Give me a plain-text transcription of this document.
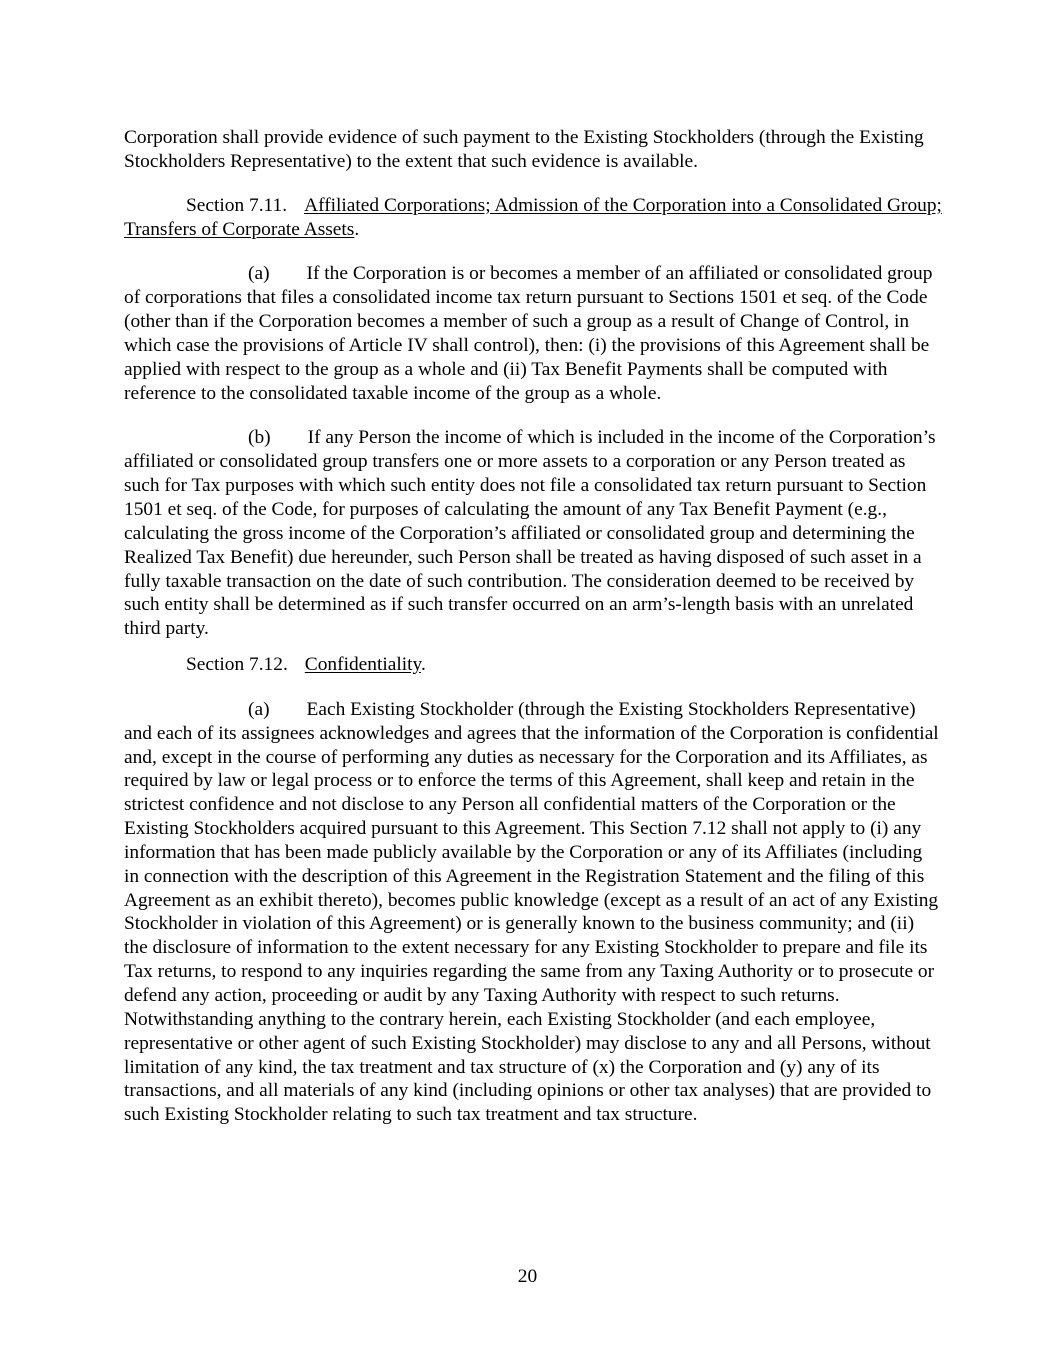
Corporation shall provide evidence of such payment to the Existing Stockholders (through the Existing Stockholders Representative) to the extent that such evidence is available.

Section 7.11. Affiliated Corporations; Admission of the Corporation into a Consolidated Group; Transfers of Corporate Assets.

(a) If the Corporation is or becomes a member of an affiliated or consolidated group of corporations that files a consolidated income tax return pursuant to Sections 1501 et seq. of the Code (other than if the Corporation becomes a member of such a group as a result of Change of Control, in which case the provisions of Article IV shall control), then: (i) the provisions of this Agreement shall be applied with respect to the group as a whole and (ii) Tax Benefit Payments shall be computed with reference to the consolidated taxable income of the group as a whole.

(b) If any Person the income of which is included in the income of the Corporation’s affiliated or consolidated group transfers one or more assets to a corporation or any Person treated as such for Tax purposes with which such entity does not file a consolidated tax return pursuant to Section 1501 et seq. of the Code, for purposes of calculating the amount of any Tax Benefit Payment (e.g., calculating the gross income of the Corporation’s affiliated or consolidated group and determining the Realized Tax Benefit) due hereunder, such Person shall be treated as having disposed of such asset in a fully taxable transaction on the date of such contribution. The consideration deemed to be received by such entity shall be determined as if such transfer occurred on an arm’s-length basis with an unrelated third party.

Section 7.12. Confidentiality.

(a) Each Existing Stockholder (through the Existing Stockholders Representative) and each of its assignees acknowledges and agrees that the information of the Corporation is confidential and, except in the course of performing any duties as necessary for the Corporation and its Affiliates, as required by law or legal process or to enforce the terms of this Agreement, shall keep and retain in the strictest confidence and not disclose to any Person all confidential matters of the Corporation or the Existing Stockholders acquired pursuant to this Agreement. This Section 7.12 shall not apply to (i) any information that has been made publicly available by the Corporation or any of its Affiliates (including in connection with the description of this Agreement in the Registration Statement and the filing of this Agreement as an exhibit thereto), becomes public knowledge (except as a result of an act of any Existing Stockholder in violation of this Agreement) or is generally known to the business community; and (ii) the disclosure of information to the extent necessary for any Existing Stockholder to prepare and file its Tax returns, to respond to any inquiries regarding the same from any Taxing Authority or to prosecute or defend any action, proceeding or audit by any Taxing Authority with respect to such returns. Notwithstanding anything to the contrary herein, each Existing Stockholder (and each employee, representative or other agent of such Existing Stockholder) may disclose to any and all Persons, without limitation of any kind, the tax treatment and tax structure of (x) the Corporation and (y) any of its transactions, and all materials of any kind (including opinions or other tax analyses) that are provided to such Existing Stockholder relating to such tax treatment and tax structure.

20
